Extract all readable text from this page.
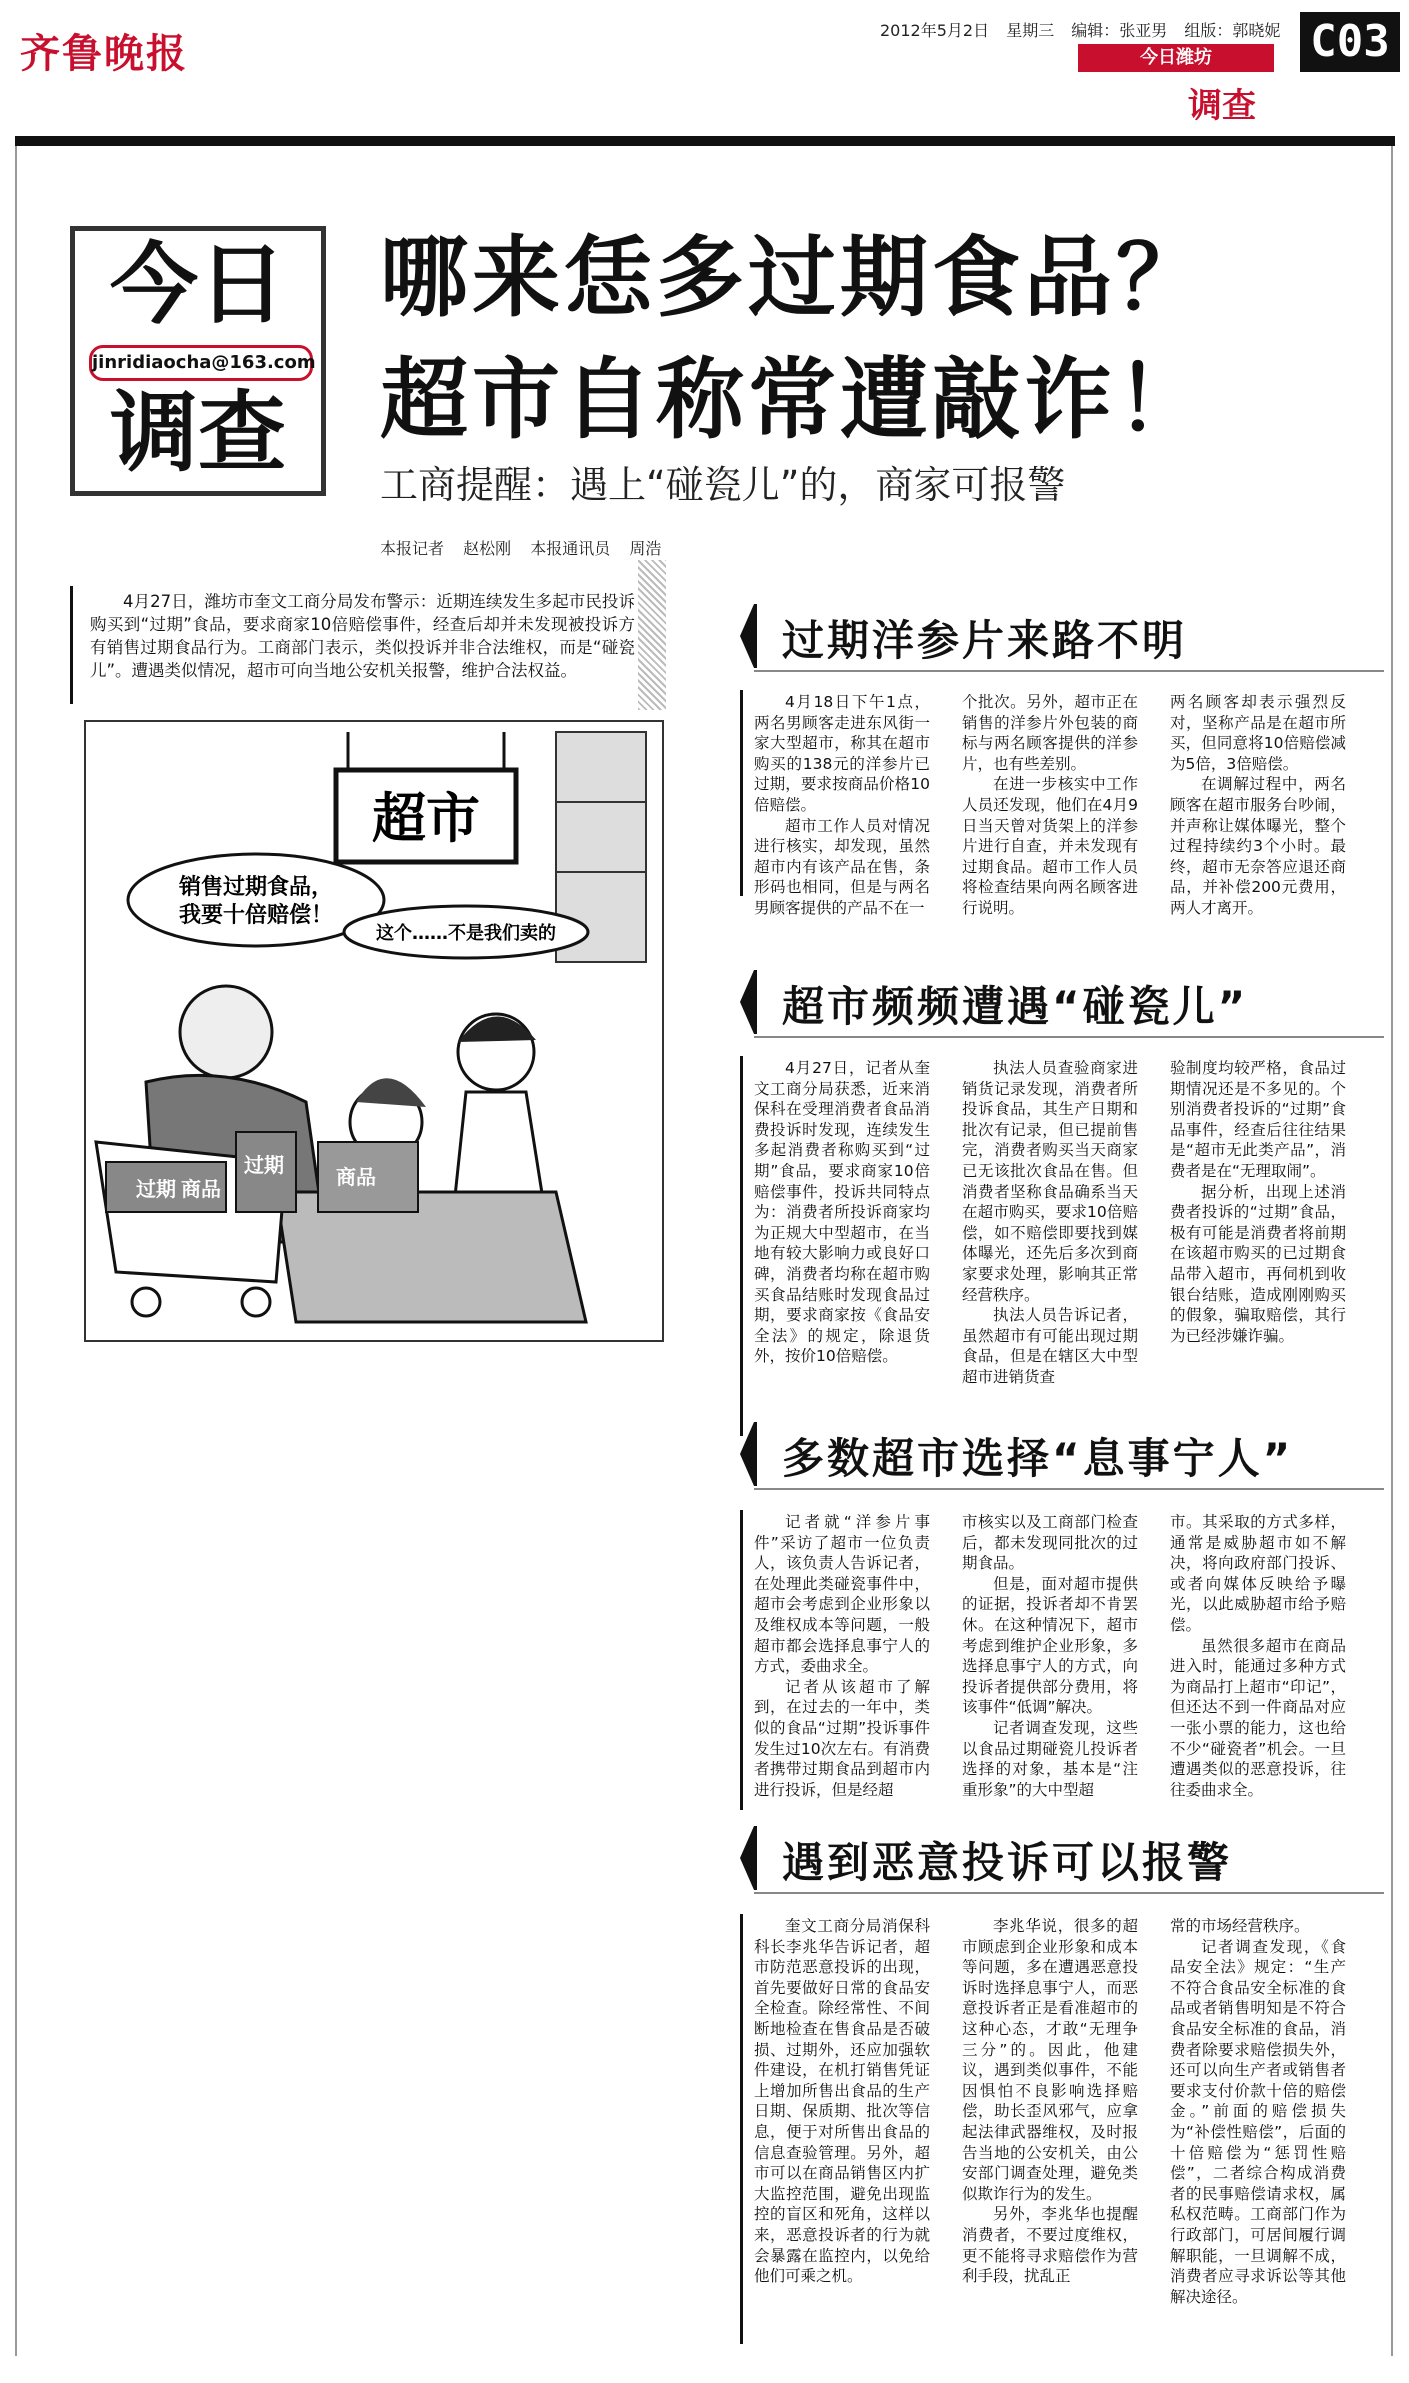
齐鲁晚报	2012年5月2日 星期三 编辑：张亚男 组版：郭晓妮
今日潍坊
调查
C03
今日
jinridiaocha@163.com
调查
哪来恁多过期食品？
超市自称常遭敲诈！
工商提醒：遇上“碰瓷儿”的，商家可报警
本报记者 赵松刚 本报通讯员 周浩
4月27日，潍坊市奎文工商分局发布警示：近期连续发生多起市民投诉购买到“过期”食品，要求商家10倍赔偿事件，经查后却并未发现被投诉方有销售过期食品行为。工商部门表示，类似投诉并非合法维权，而是“碰瓷儿”。遭遇类似情况，超市可向当地公安机关报警，维护合法权益。
超市
销售过期食品，
我要十倍赔偿！
这个……不是我们卖的
过期 商品
过期	商品
过期洋参片来路不明

4月18日下午1点，两名男顾客走进东风街一家大型超市，称其在超市购买的138元的洋参片已过期，要求按商品价格10倍赔偿。

超市工作人员对情况进行核实，却发现，虽然超市内有该产品在售，条形码也相同，但是与两名男顾客提供的产品不在一

个批次。另外，超市正在销售的洋参片外包装的商标与两名顾客提供的洋参片，也有些差别。

在进一步核实中工作人员还发现，他们在4月9日当天曾对货架上的洋参片进行自查，并未发现有过期食品。超市工作人员将检查结果向两名顾客进行说明。

两名顾客却表示强烈反对，坚称产品是在超市所买，但同意将10倍赔偿减为5倍，3倍赔偿。

在调解过程中，两名顾客在超市服务台吵闹，并声称让媒体曝光，整个过程持续约3个小时。最终，超市无奈答应退还商品，并补偿200元费用，两人才离开。

超市频频遭遇“碰瓷儿”

4月27日，记者从奎文工商分局获悉，近来消保科在受理消费者食品消费投诉时发现，连续发生多起消费者称购买到“过期”食品，要求商家10倍赔偿事件，投诉共同特点为：消费者所投诉商家均为正规大中型超市，在当地有较大影响力或良好口碑，消费者均称在超市购买食品结账时发现食品过期，要求商家按《食品安全法》的规定，除退货外，按价10倍赔偿。

执法人员查验商家进销货记录发现，消费者所投诉食品，其生产日期和批次有记录，但已提前售完，消费者购买当天商家已无该批次食品在售。但消费者坚称食品确系当天在超市购买，要求10倍赔偿，如不赔偿即要找到媒体曝光，还先后多次到商家要求处理，影响其正常经营秩序。

执法人员告诉记者，虽然超市有可能出现过期食品，但是在辖区大中型超市进销货查

验制度均较严格，食品过期情况还是不多见的。个别消费者投诉的“过期”食品事件，经查后往往结果是“超市无此类产品”，消费者是在“无理取闹”。

据分析，出现上述消费者投诉的“过期”食品，极有可能是消费者将前期在该超市购买的已过期食品带入超市，再伺机到收银台结账，造成刚刚购买的假象，骗取赔偿，其行为已经涉嫌诈骗。

多数超市选择“息事宁人”

记者就“洋参片事件”采访了超市一位负责人，该负责人告诉记者，在处理此类碰瓷事件中，超市会考虑到企业形象以及维权成本等问题，一般超市都会选择息事宁人的方式，委曲求全。

记者从该超市了解到，在过去的一年中，类似的食品“过期”投诉事件发生过10次左右。有消费者携带过期食品到超市内进行投诉，但是经超

市核实以及工商部门检查后，都未发现同批次的过期食品。

但是，面对超市提供的证据，投诉者却不肯罢休。在这种情况下，超市考虑到维护企业形象，多选择息事宁人的方式，向投诉者提供部分费用，将该事件“低调”解决。

记者调查发现，这些以食品过期碰瓷儿投诉者选择的对象，基本是“注重形象”的大中型超

市。其采取的方式多样，通常是威胁超市如不解决，将向政府部门投诉、或者向媒体反映给予曝光，以此威胁超市给予赔偿。

虽然很多超市在商品进入时，能通过多种方式为商品打上超市“印记”，但还达不到一件商品对应一张小票的能力，这也给不少“碰瓷者”机会。一旦遭遇类似的恶意投诉，往往委曲求全。

遇到恶意投诉可以报警

奎文工商分局消保科科长李兆华告诉记者，超市防范恶意投诉的出现，首先要做好日常的食品安全检查。除经常性、不间断地检查在售食品是否破损、过期外，还应加强软件建设，在机打销售凭证上增加所售出食品的生产日期、保质期、批次等信息，便于对所售出食品的信息查验管理。另外，超市可以在商品销售区内扩大监控范围，避免出现监控的盲区和死角，这样以来，恶意投诉者的行为就会暴露在监控内，以免给他们可乘之机。

李兆华说，很多的超市顾虑到企业形象和成本等问题，多在遭遇恶意投诉时选择息事宁人，而恶意投诉者正是看准超市的这种心态，才敢“无理争三分”的。因此，他建议，遇到类似事件，不能因惧怕不良影响选择赔偿，助长歪风邪气，应拿起法律武器维权，及时报告当地的公安机关，由公安部门调查处理，避免类似欺诈行为的发生。

另外，李兆华也提醒消费者，不要过度维权，更不能将寻求赔偿作为营利手段，扰乱正

常的市场经营秩序。

记者调查发现，《食品安全法》规定：“生产不符合食品安全标准的食品或者销售明知是不符合食品安全标准的食品，消费者除要求赔偿损失外，还可以向生产者或销售者要求支付价款十倍的赔偿金。”前面的赔偿损失为“补偿性赔偿”，后面的十倍赔偿为“惩罚性赔偿”，二者综合构成消费者的民事赔偿请求权，属私权范畴。工商部门作为行政部门，可居间履行调解职能，一旦调解不成，消费者应寻求诉讼等其他解决途径。
